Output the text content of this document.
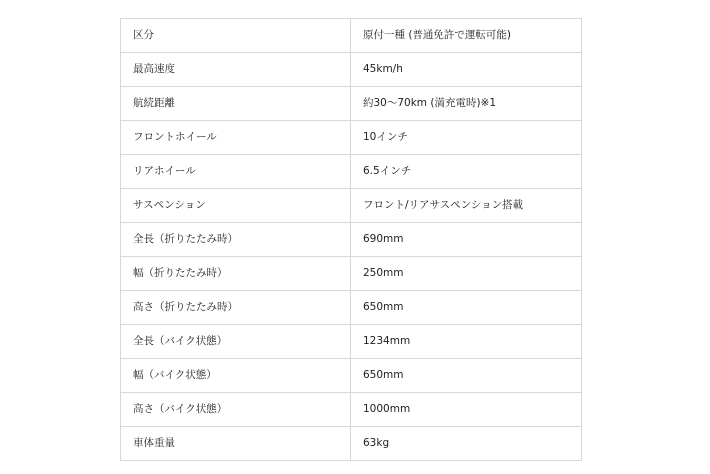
区分	原付一種 (普通免許で運転可能)
最高速度	45km/h
航続距離	約30〜70km (満充電時)※1
フロントホイール	10インチ
リアホイール	6.5インチ
サスペンション	フロント/リアサスペンション搭載
全長（折りたたみ時）	690mm
幅（折りたたみ時）	250mm
高さ（折りたたみ時）	650mm
全長（バイク状態）	1234mm
幅（バイク状態）	650mm
高さ（バイク状態）	1000mm
車体重量	63kg
